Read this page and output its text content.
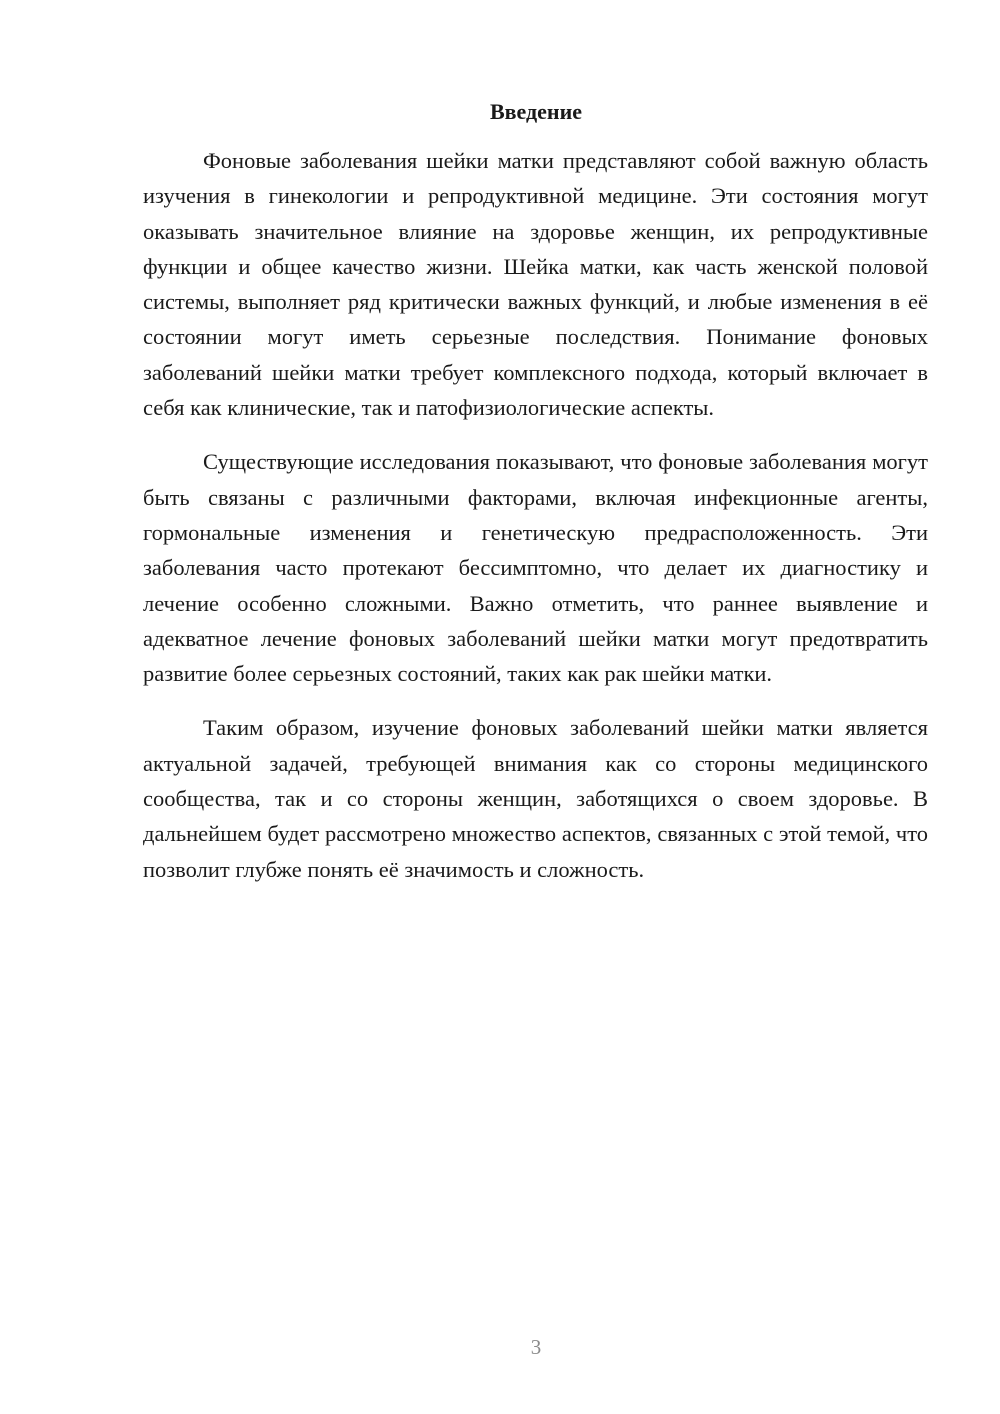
Введение

Фоновые заболевания шейки матки представляют собой важную область изучения в гинекологии и репродуктивной медицине. Эти состояния могут оказывать значительное влияние на здоровье женщин, их репродуктивные функции и общее качество жизни. Шейка матки, как часть женской половой системы, выполняет ряд критически важных функций, и любые изменения в её состоянии могут иметь серьезные последствия. Понимание фоновых заболеваний шейки матки требует комплексного подхода, который включает в себя как клинические, так и патофизиологические аспекты.

Существующие исследования показывают, что фоновые заболевания могут быть связаны с различными факторами, включая инфекционные агенты, гормональные изменения и генетическую предрасположенность. Эти заболевания часто протекают бессимптомно, что делает их диагностику и лечение особенно сложными. Важно отметить, что раннее выявление и адекватное лечение фоновых заболеваний шейки матки могут предотвратить развитие более серьезных состояний, таких как рак шейки матки.

Таким образом, изучение фоновых заболеваний шейки матки является актуальной задачей, требующей внимания как со стороны медицинского сообщества, так и со стороны женщин, заботящихся о своем здоровье. В дальнейшем будет рассмотрено множество аспектов, связанных с этой темой, что позволит глубже понять её значимость и сложность.

3
